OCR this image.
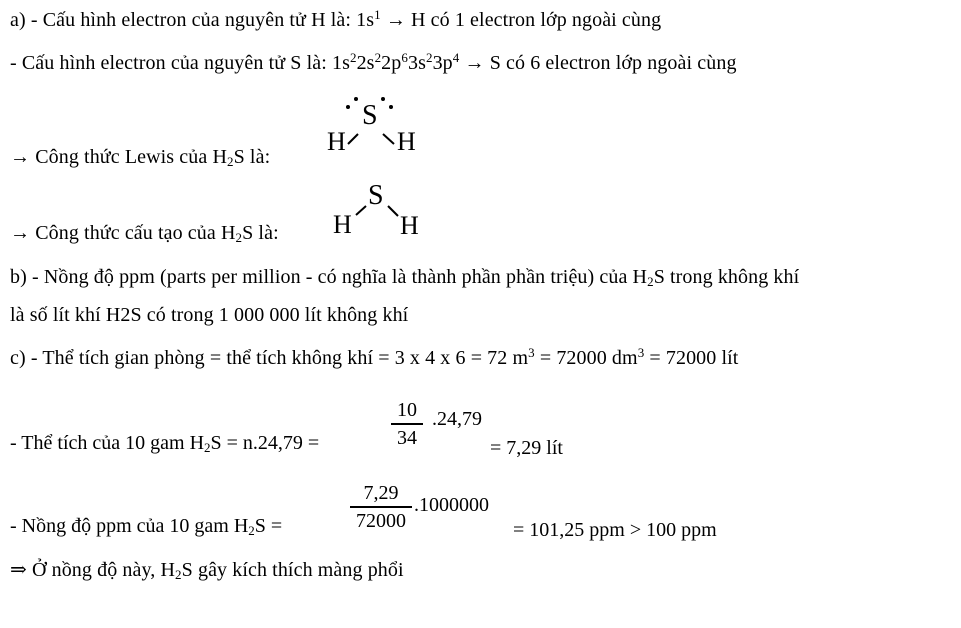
a) - Cấu hình electron của nguyên tử H là: $1s^1 \to H$ có 1 electron lớp ngoài cùng
- Cấu hình electron của nguyên tử S là: $1s^22s^22p^63s^23p^4 \to S$ có 6 electron lớp ngoài cùng
S
H H
→ Công thức Lewis của $H_2S$ là:
S
H H
→ Công thức cấu tạo của $H_2S$ là:
b) - Nồng độ ppm (parts per million - có nghĩa là thành phần phần triệu) của $H_2S$ trong không khí
là số lít khí H2S có trong 1 000 000 lít không khí
c) - Thể tích gian phòng = thể tích không khí = 3 x 4 x 6 = 72 $m^3 = 72000$ $dm^3 = 72000$ lít
- Thể tích của 10 gam $H_2S = n.24,79$ =	$\frac{10}{34} .24,79$
= 7,29 lít
- Nồng độ ppm của 10 gam $H_2S$ =	$\frac{7,29}{72000} .1000000$
= 101,25 ppm > 100 ppm
⇒ Ở nồng độ này, $H_2S$ gây kích thích màng phổi
